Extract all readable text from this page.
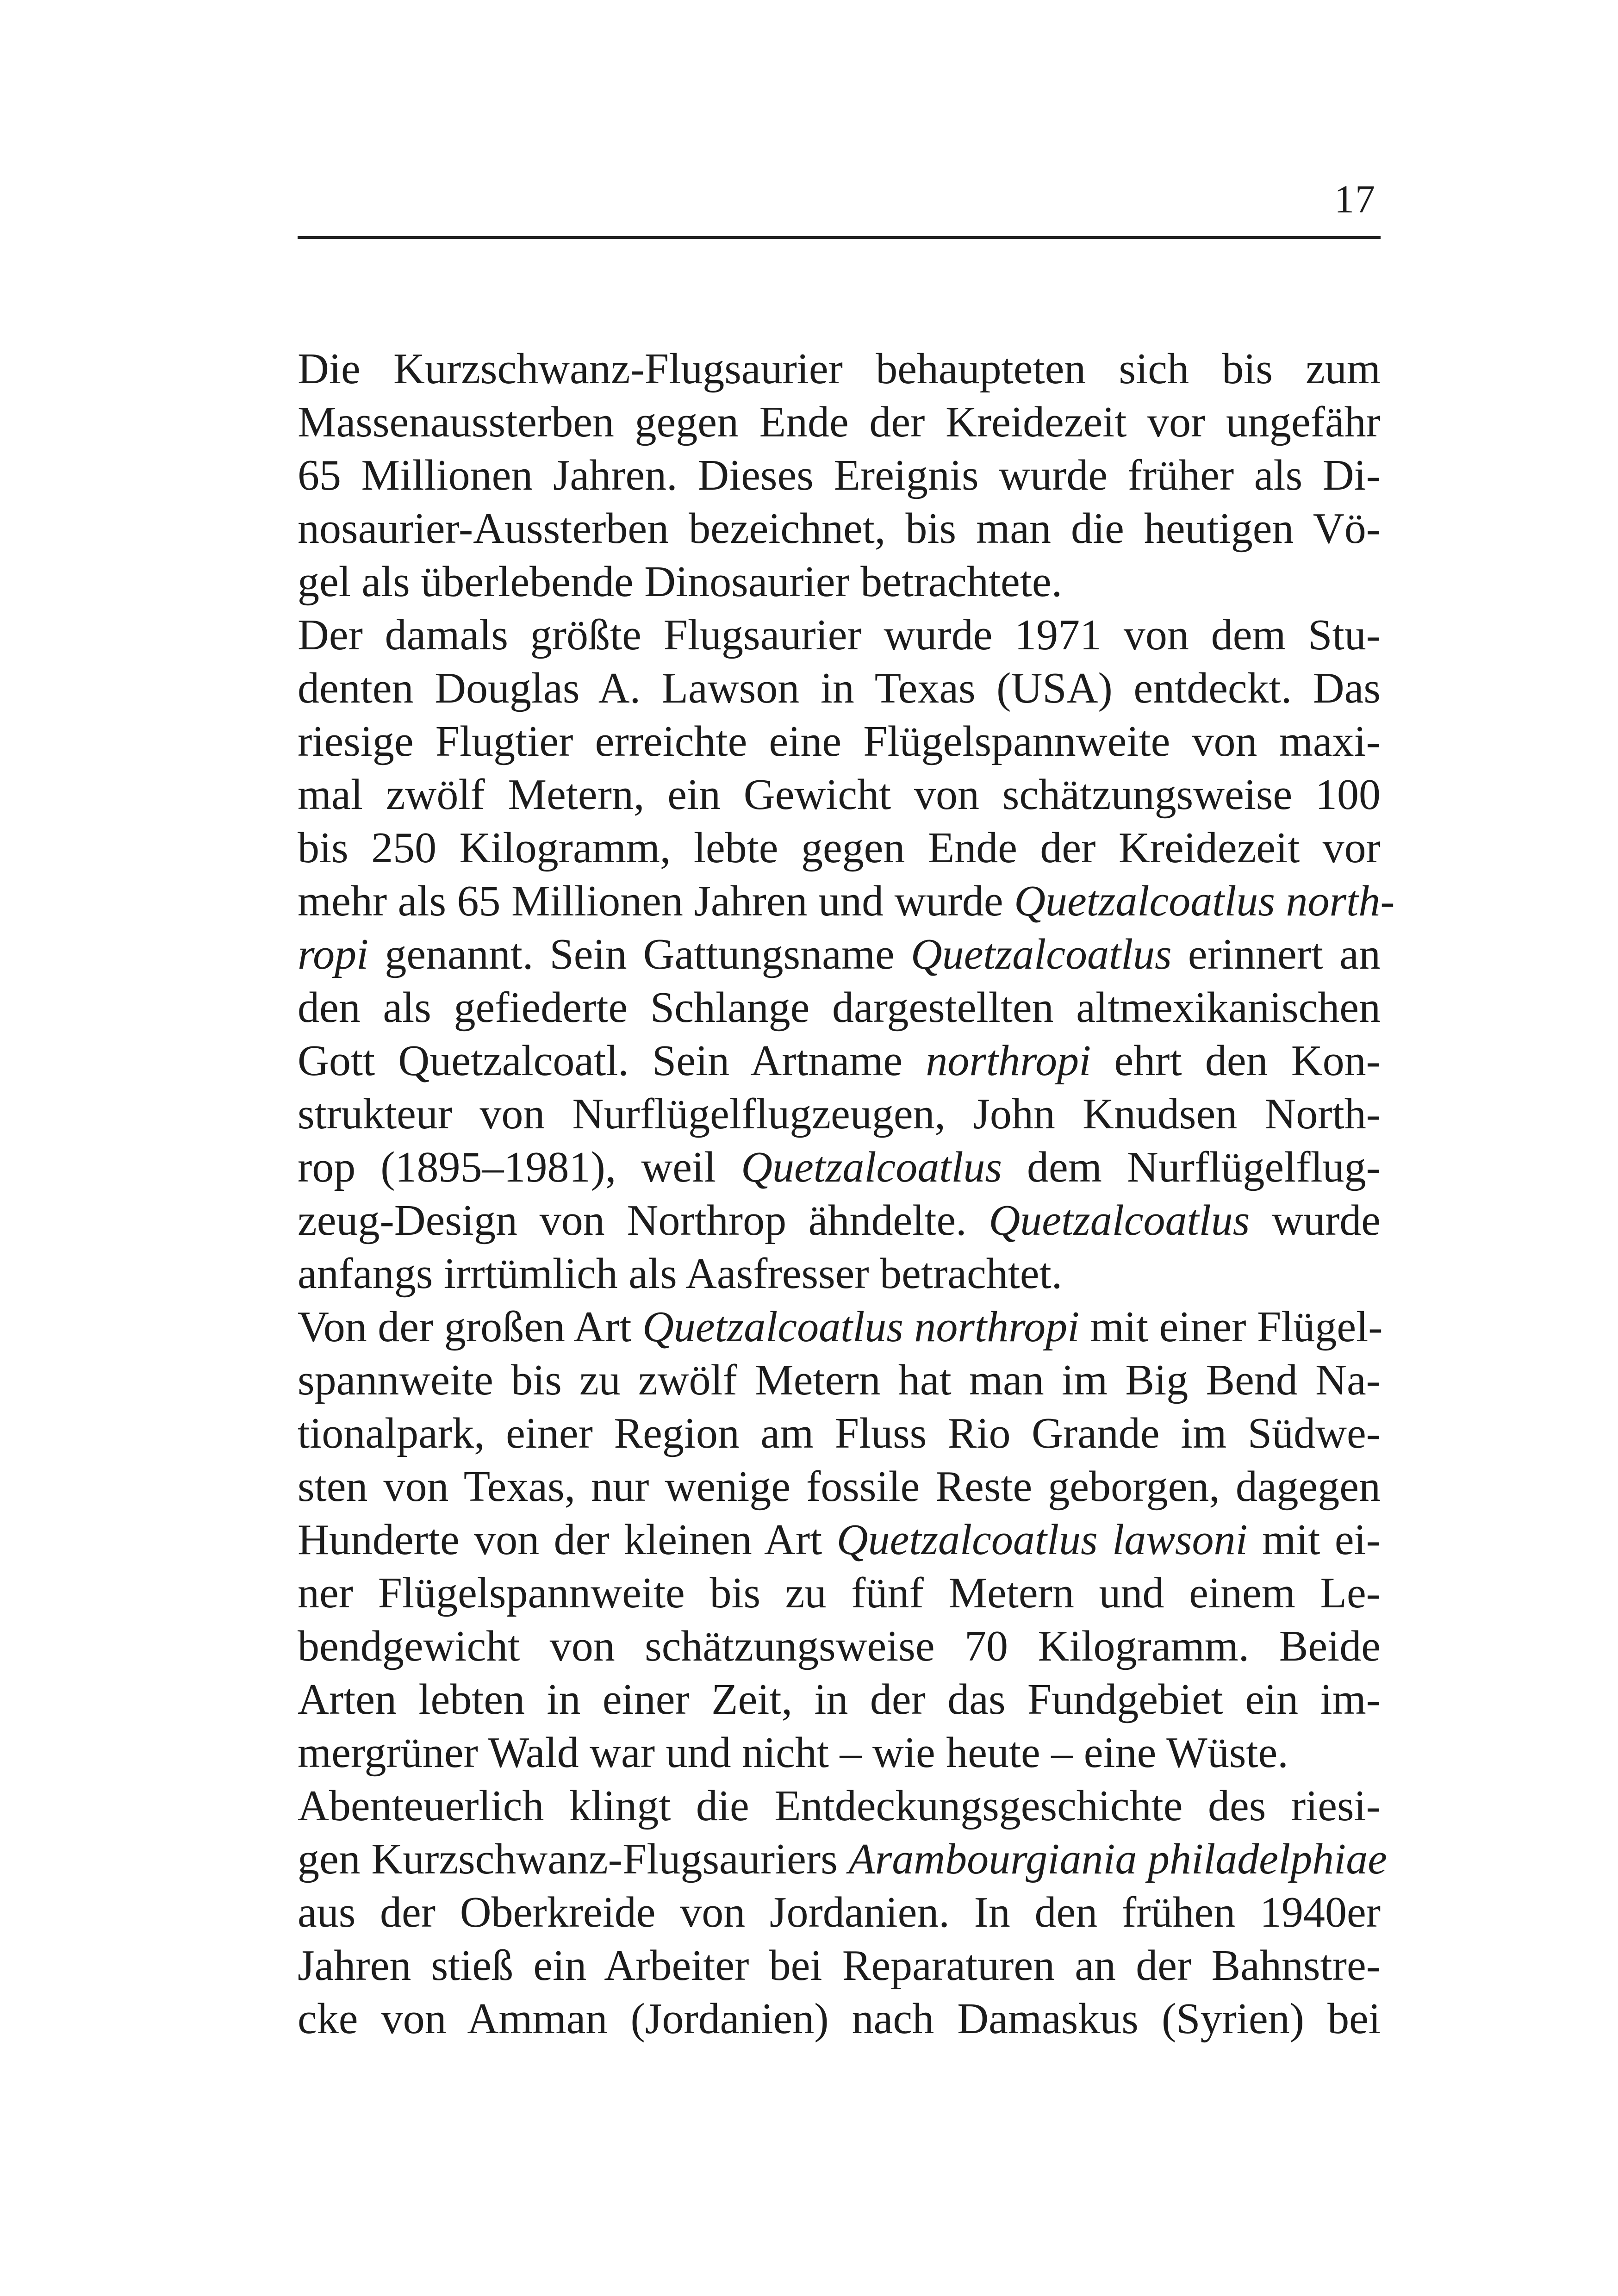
17
Die Kurzschwanz-Flugsaurier behaupteten sich bis zum
Massenaussterben gegen Ende der Kreidezeit vor ungefähr
65 Millionen Jahren. Dieses Ereignis wurde früher als Di-
nosaurier-Aussterben bezeichnet, bis man die heutigen Vö-
gel als überlebende Dinosaurier betrachtete.
Der damals größte Flugsaurier wurde 1971 von dem Stu-
denten Douglas A. Lawson in Texas (USA) entdeckt. Das
riesige Flugtier erreichte eine Flügelspannweite von maxi-
mal zwölf Metern, ein Gewicht von schätzungsweise 100
bis 250 Kilogramm, lebte gegen Ende der Kreidezeit vor
mehr als 65 Millionen Jahren und wurde Quetzalcoatlus north-
ropi genannt. Sein Gattungsname Quetzalcoatlus erinnert an
den als gefiederte Schlange dargestellten altmexikanischen
Gott Quetzalcoatl. Sein Artname northropi ehrt den Kon-
strukteur von Nurflügelflugzeugen, John Knudsen North-
rop (1895–1981), weil Quetzalcoatlus dem Nurflügelflug-
zeug-Design von Northrop ähndelte. Quetzalcoatlus wurde
anfangs irrtümlich als Aasfresser betrachtet.
Von der großen Art Quetzalcoatlus northropi mit einer Flügel-
spannweite bis zu zwölf Metern hat man im Big Bend Na-
tionalpark, einer Region am Fluss Rio Grande im Südwe-
sten von Texas, nur wenige fossile Reste geborgen, dagegen
Hunderte von der kleinen Art Quetzalcoatlus lawsoni mit ei-
ner Flügelspannweite bis zu fünf Metern und einem Le-
bendgewicht von schätzungsweise 70 Kilogramm. Beide
Arten lebten in einer Zeit, in der das Fundgebiet ein im-
mergrüner Wald war und nicht – wie heute – eine Wüste.
Abenteuerlich klingt die Entdeckungsgeschichte des riesi-
gen Kurzschwanz-Flugsauriers Arambourgiania philadelphiae
aus der Oberkreide von Jordanien. In den frühen 1940er
Jahren stieß ein Arbeiter bei Reparaturen an der Bahnstre-
cke von Amman (Jordanien) nach Damaskus (Syrien) bei
